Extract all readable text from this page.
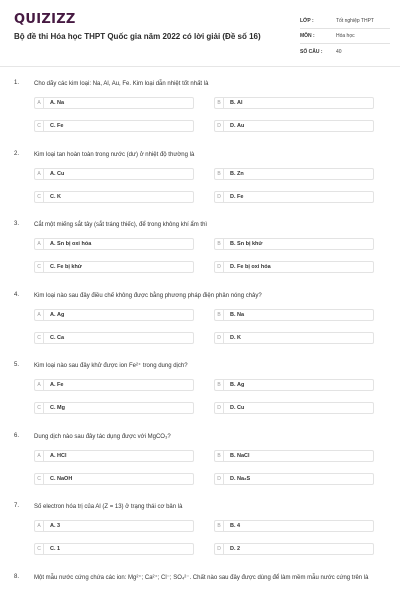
QUIZIZZ
Bộ đề thi Hóa học THPT Quốc gia năm 2022 có lời giải (Đề số 16)
LỚP :	Tốt nghiệp THPT
MÔN :	Hóa học
SỐ CÂU :	40
1. Cho dãy các kim loại: Na, Al, Au, Fe. Kim loại dẫn nhiệt tốt nhất là
A	A. Na	B	B. Al
C	C. Fe	D	D. Au
2. Kim loại tan hoàn toàn trong nước (dư) ở nhiệt độ thường là
A	A. Cu	B	B. Zn
C	C. K	D	D. Fe
3. Cắt một miếng sắt tây (sắt tráng thiếc), để trong không khí ẩm thì
A	A. Sn bị oxi hóa	B	B. Sn bị khử
C	C. Fe bị khử	D	D. Fe bị oxi hóa
4. Kim loại nào sau đây điều chế không được bằng phương pháp điện phân nóng chảy?
A	A. Ag	B	B. Na
C	C. Ca	D	D. K
5. Kim loại nào sau đây khử được ion Fe²⁺ trong dung dịch?
A	A. Fe	B	B. Ag
C	C. Mg	D	D. Cu
6. Dung dịch nào sau đây tác dụng được với MgCO₃?
A	A. HCl	B	B. NaCl
C	C. NaOH	D	D. Na₂S
7. Số electron hóa trị của Al (Z = 13) ở trạng thái cơ bản là
A	A. 3	B	B. 4
C	C. 1	D	D. 2
8. Một mẫu nước cứng chứa các ion: Mg²⁺; Ca²⁺; Cl⁻; SO₄²⁻. Chất nào sau đây được dùng để làm mềm mẫu nước cứng trên là
